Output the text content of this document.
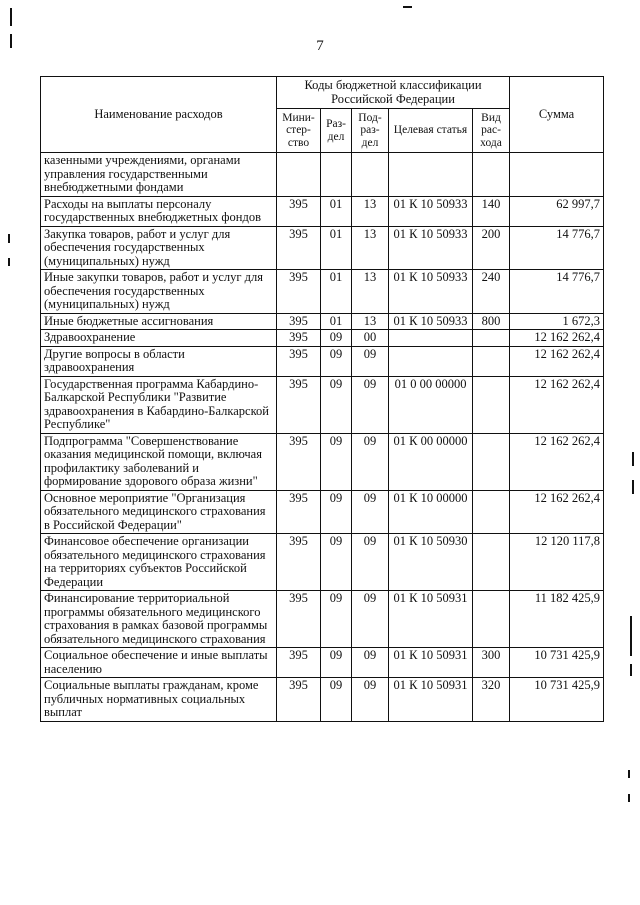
7
Наименование расходов	Коды бюджетной классификации Российской Федерации					Сумма
	Мини-стер-ство	Раз-дел	Под-раз-дел	Целевая статья	Вид рас-хода	
казенными учреждениями, органами управления государственными внебюджетными фондами						
Расходы на выплаты персоналу государственных внебюджетных фондов	395	01	13	01 К 10 50933	140	62 997,7
Закупка товаров, работ и услуг для обеспечения государственных (муниципальных) нужд	395	01	13	01 К 10 50933	200	14 776,7
Иные закупки товаров, работ и услуг для обеспечения государственных (муниципальных) нужд	395	01	13	01 К 10 50933	240	14 776,7
Иные бюджетные ассигнования	395	01	13	01 К 10 50933	800	1 672,3
Здравоохранение	395	09	00			12 162 262,4
Другие вопросы в области здравоохранения	395	09	09			12 162 262,4
Государственная программа Кабардино-Балкарской Республики "Развитие здравоохранения в Кабардино-Балкарской Республике"	395	09	09	01 0 00 00000		12 162 262,4
Подпрограмма "Совершенствование оказания медицинской помощи, включая профилактику заболеваний и формирование здорового образа жизни"	395	09	09	01 К 00 00000		12 162 262,4
Основное мероприятие "Организация обязательного медицинского страхования в Российской Федерации"	395	09	09	01 К 10 00000		12 162 262,4
Финансовое обеспечение организации обязательного медицинского страхования на территориях субъектов Российской Федерации	395	09	09	01 К 10 50930		12 120 117,8
Финансирование территориальной программы обязательного медицинского страхования в рамках базовой программы обязательного медицинского страхования	395	09	09	01 К 10 50931		11 182 425,9
Социальное обеспечение и иные выплаты населению	395	09	09	01 К 10 50931	300	10 731 425,9
Социальные выплаты гражданам, кроме публичных нормативных социальных выплат	395	09	09	01 К 10 50931	320	10 731 425,9
